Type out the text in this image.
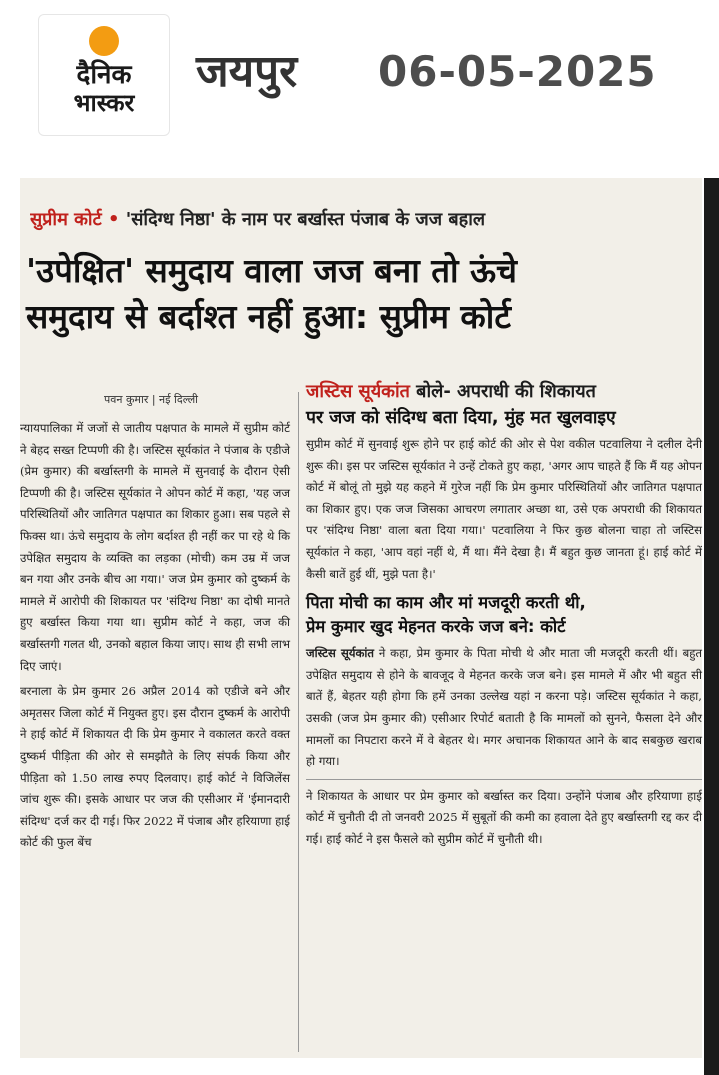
दैनिक
भास्कर
जयपुर 06-05-2025
सुप्रीम कोर्ट • 'संदिग्ध निष्ठा' के नाम पर बर्खास्त पंजाब के जज बहाल
'उपेक्षित' समुदाय वाला जज बना तो ऊंचे
समुदाय से बर्दाश्त नहीं हुआ: सुप्रीम कोर्ट
पवन कुमार | नई दिल्ली

न्यायपालिका में जजों से जातीय पक्षपात के मामले में सुप्रीम कोर्ट ने बेहद सख्त टिप्पणी की है। जस्टिस सूर्यकांत ने पंजाब के एडीजे (प्रेम कुमार) की बर्खास्तगी के मामले में सुनवाई के दौरान ऐसी टिप्पणी की है। जस्टिस सूर्यकांत ने ओपन कोर्ट में कहा, 'यह जज परिस्थितियों और जातिगत पक्षपात का शिकार हुआ। सब पहले से फिक्स था। ऊंचे समुदाय के लोग बर्दाश्त ही नहीं कर पा रहे थे कि उपेक्षित समुदाय के व्यक्ति का लड़का (मोची) कम उम्र में जज बन गया और उनके बीच आ गया।' जज प्रेम कुमार को दुष्कर्म के मामले में आरोपी की शिकायत पर 'संदिग्ध निष्ठा' का दोषी मानते हुए बर्खास्त किया गया था। सुप्रीम कोर्ट ने कहा, जज की बर्खास्तगी गलत थी, उनको बहाल किया जाए। साथ ही सभी लाभ दिए जाएं।

बरनाला के प्रेम कुमार 26 अप्रैल 2014 को एडीजे बने और अमृतसर जिला कोर्ट में नियुक्त हुए। इस दौरान दुष्कर्म के आरोपी ने हाई कोर्ट में शिकायत दी कि प्रेम कुमार ने वकालत करते वक्त दुष्कर्म पीड़िता की ओर से समझौते के लिए संपर्क किया और पीड़िता को 1.50 लाख रुपए दिलवाए। हाई कोर्ट ने विजिलेंस जांच शुरू की। इसके आधार पर जज की एसीआर में 'ईमानदारी संदिग्ध' दर्ज कर दी गई। फिर 2022 में पंजाब और हरियाणा हाई कोर्ट की फुल बेंच

जस्टिस सूर्यकांत बोले- अपराधी की शिकायत
पर जज को संदिग्ध बता दिया, मुंह मत खुलवाइए

सुप्रीम कोर्ट में सुनवाई शुरू होने पर हाई कोर्ट की ओर से पेश वकील पटवालिया ने दलील देनी शुरू की। इस पर जस्टिस सूर्यकांत ने उन्हें टोकते हुए कहा, 'अगर आप चाहते हैं कि मैं यह ओपन कोर्ट में बोलूं तो मुझे यह कहने में गुरेज नहीं कि प्रेम कुमार परिस्थितियों और जातिगत पक्षपात का शिकार हुए। एक जज जिसका आचरण लगातार अच्छा था, उसे एक अपराधी की शिकायत पर 'संदिग्ध निष्ठा' वाला बता दिया गया।' पटवालिया ने फिर कुछ बोलना चाहा तो जस्टिस सूर्यकांत ने कहा, 'आप वहां नहीं थे, मैं था। मैंने देखा है। मैं बहुत कुछ जानता हूं। हाई कोर्ट में कैसी बातें हुई थीं, मुझे पता है।'

पिता मोची का काम और मां मजदूरी करती थी,
प्रेम कुमार खुद मेहनत करके जज बने: कोर्ट

जस्टिस सूर्यकांत ने कहा, प्रेम कुमार के पिता मोची थे और माता जी मजदूरी करती थीं। बहुत उपेक्षित समुदाय से होने के बावजूद वे मेहनत करके जज बने। इस मामले में और भी बहुत सी बातें हैं, बेहतर यही होगा कि हमें उनका उल्लेख यहां न करना पड़े। जस्टिस सूर्यकांत ने कहा, उसकी (जज प्रेम कुमार की) एसीआर रिपोर्ट बताती है कि मामलों को सुनने, फैसला देने और मामलों का निपटारा करने में वे बेहतर थे। मगर अचानक शिकायत आने के बाद सबकुछ खराब हो गया।

ने शिकायत के आधार पर प्रेम कुमार को बर्खास्त कर दिया। उन्होंने पंजाब और हरियाणा हाई कोर्ट में चुनौती दी तो जनवरी 2025 में सुबूतों की कमी का हवाला देते हुए बर्खास्तगी रद्द कर दी गई। हाई कोर्ट ने इस फैसले को सुप्रीम कोर्ट में चुनौती थी।
